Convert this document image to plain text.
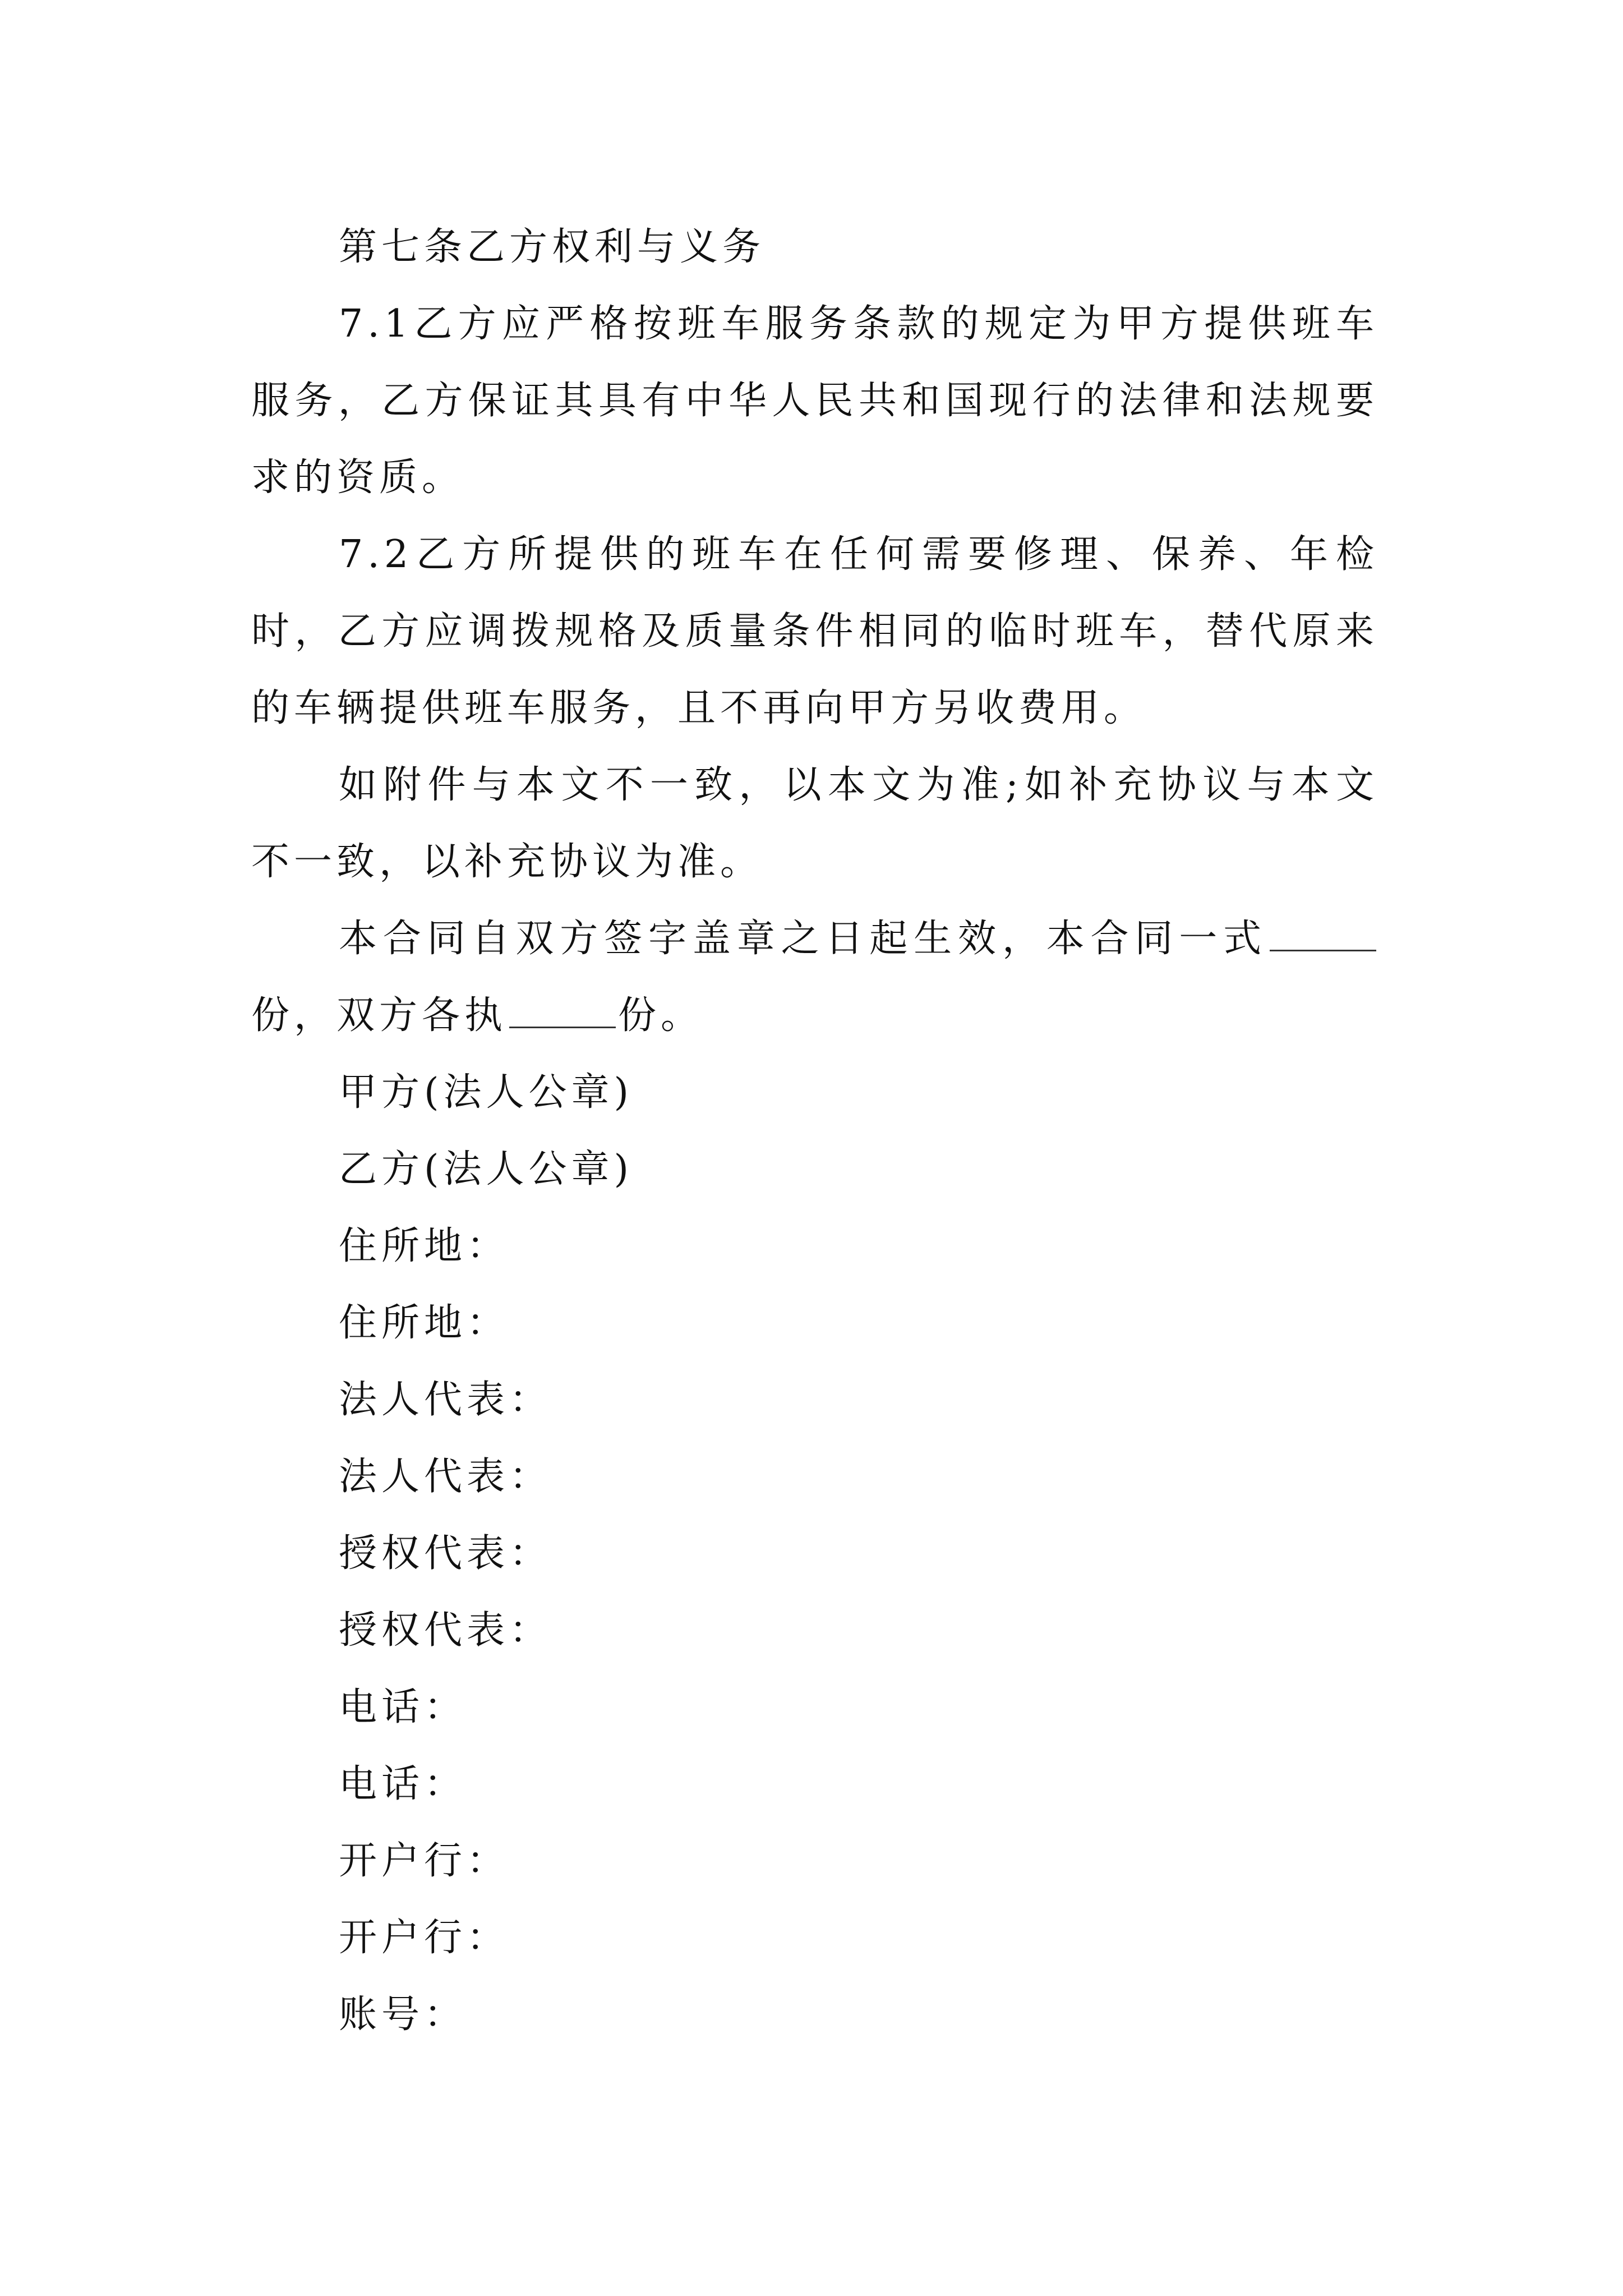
第七条乙方权利与义务

7.1乙方应严格按班车服务条款的规定为甲方提供班车服务，乙方保证其具有中华人民共和国现行的法律和法规要求的资质。

7.2乙方所提供的班车在任何需要修理、保养、年检时，乙方应调拨规格及质量条件相同的临时班车，替代原来的车辆提供班车服务，且不再向甲方另收费用。

如附件与本文不一致，以本文为准;如补充协议与本文不一致，以补充协议为准。

本合同自双方签字盖章之日起生效，本合同一式份，双方各执	份。

甲方(法人公章)

乙方(法人公章)

住所地：

住所地：

法人代表：

法人代表：

授权代表：

授权代表：

电话：

电话：

开户行：

开户行：

账号：
